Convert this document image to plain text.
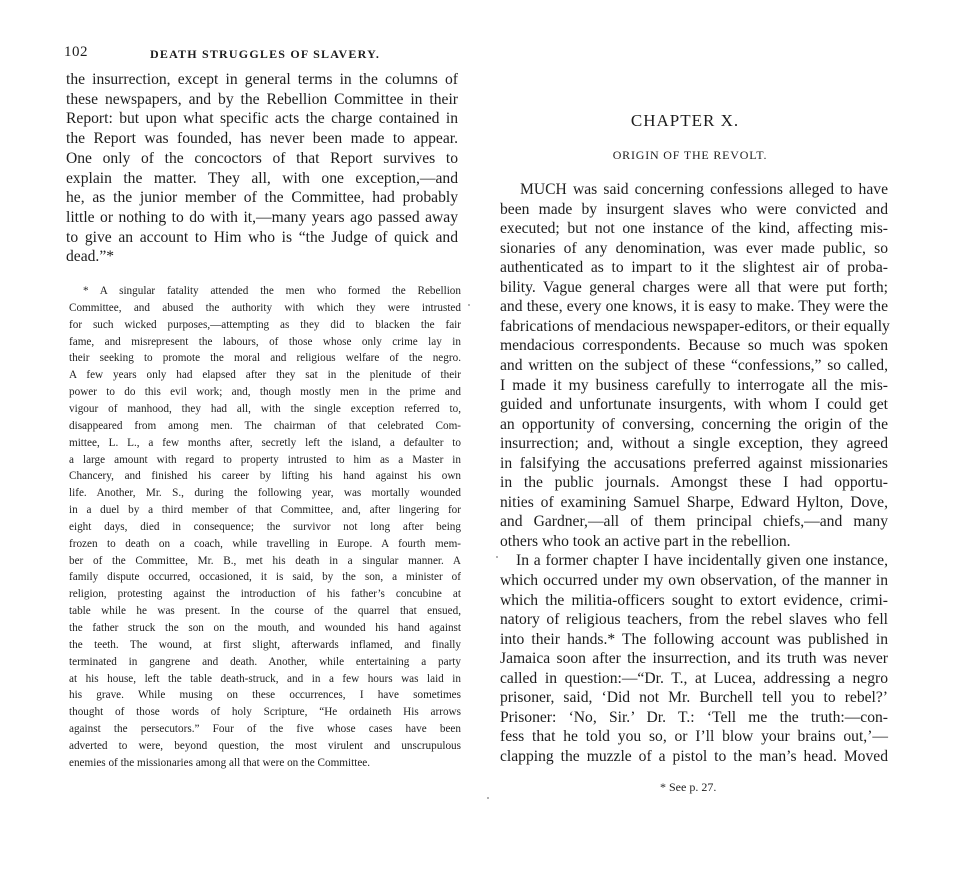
102	DEATH STRUGGLES OF SLAVERY.
the insurrection, except in general terms in the columns of
these newspapers, and by the Rebellion Committee in their
Report: but upon what specific acts the charge contained in
the Report was founded, has never been made to appear.
One only of the concoctors of that Report survives to
explain the matter. They all, with one exception,—and
he, as the junior member of the Committee, had probably
little or nothing to do with it,—many years ago passed away
to give an account to Him who is “the Judge of quick and
dead.”*
* A singular fatality attended the men who formed the Rebellion
Committee, and abused the authority with which they were intrusted
for such wicked purposes,—attempting as they did to blacken the fair
fame, and misrepresent the labours, of those whose only crime lay in
their seeking to promote the moral and religious welfare of the negro.
A few years only had elapsed after they sat in the plenitude of their
power to do this evil work; and, though mostly men in the prime and
vigour of manhood, they had all, with the single exception referred to,
disappeared from among men. The chairman of that celebrated Com-
mittee, L. L., a few months after, secretly left the island, a defaulter to
a large amount with regard to property intrusted to him as a Master in
Chancery, and finished his career by lifting his hand against his own
life. Another, Mr. S., during the following year, was mortally wounded
in a duel by a third member of that Committee, and, after lingering for
eight days, died in consequence; the survivor not long after being
frozen to death on a coach, while travelling in Europe. A fourth mem-
ber of the Committee, Mr. B., met his death in a singular manner. A
family dispute occurred, occasioned, it is said, by the son, a minister of
religion, protesting against the introduction of his father’s concubine at
table while he was present. In the course of the quarrel that ensued,
the father struck the son on the mouth, and wounded his hand against
the teeth. The wound, at first slight, afterwards inflamed, and finally
terminated in gangrene and death. Another, while entertaining a party
at his house, left the table death-struck, and in a few hours was laid in
his grave. While musing on these occurrences, I have sometimes
thought of those words of holy Scripture, “He ordaineth His arrows
against the persecutors.” Four of the five whose cases have been
adverted to were, beyond question, the most virulent and unscrupulous
enemies of the missionaries among all that were on the Committee.
CHAPTER X.
ORIGIN OF THE REVOLT.
MUCH was said concerning confessions alleged to have
been made by insurgent slaves who were convicted and
executed; but not one instance of the kind, affecting mis-
sionaries of any denomination, was ever made public, so
authenticated as to impart to it the slightest air of proba-
bility. Vague general charges were all that were put forth;
and these, every one knows, it is easy to make. They were the
fabrications of mendacious newspaper-editors, or their equally
mendacious correspondents. Because so much was spoken
and written on the subject of these “confessions,” so called,
I made it my business carefully to interrogate all the mis-
guided and unfortunate insurgents, with whom I could get
an opportunity of conversing, concerning the origin of the
insurrection; and, without a single exception, they agreed
in falsifying the accusations preferred against missionaries
in the public journals. Amongst these I had opportu-
nities of examining Samuel Sharpe, Edward Hylton, Dove,
and Gardner,—all of them principal chiefs,—and many
others who took an active part in the rebellion.
In a former chapter I have incidentally given one instance,
which occurred under my own observation, of the manner in
which the militia-officers sought to extort evidence, crimi-
natory of religious teachers, from the rebel slaves who fell
into their hands.* The following account was published in
Jamaica soon after the insurrection, and its truth was never
called in question:—“Dr. T., at Lucea, addressing a negro
prisoner, said, ‘Did not Mr. Burchell tell you to rebel?’
Prisoner: ‘No, Sir.’ Dr. T.: ‘Tell me the truth:—con-
fess that he told you so, or I’ll blow your brains out,’—
clapping the muzzle of a pistol to the man’s head. Moved
* See p. 27.
